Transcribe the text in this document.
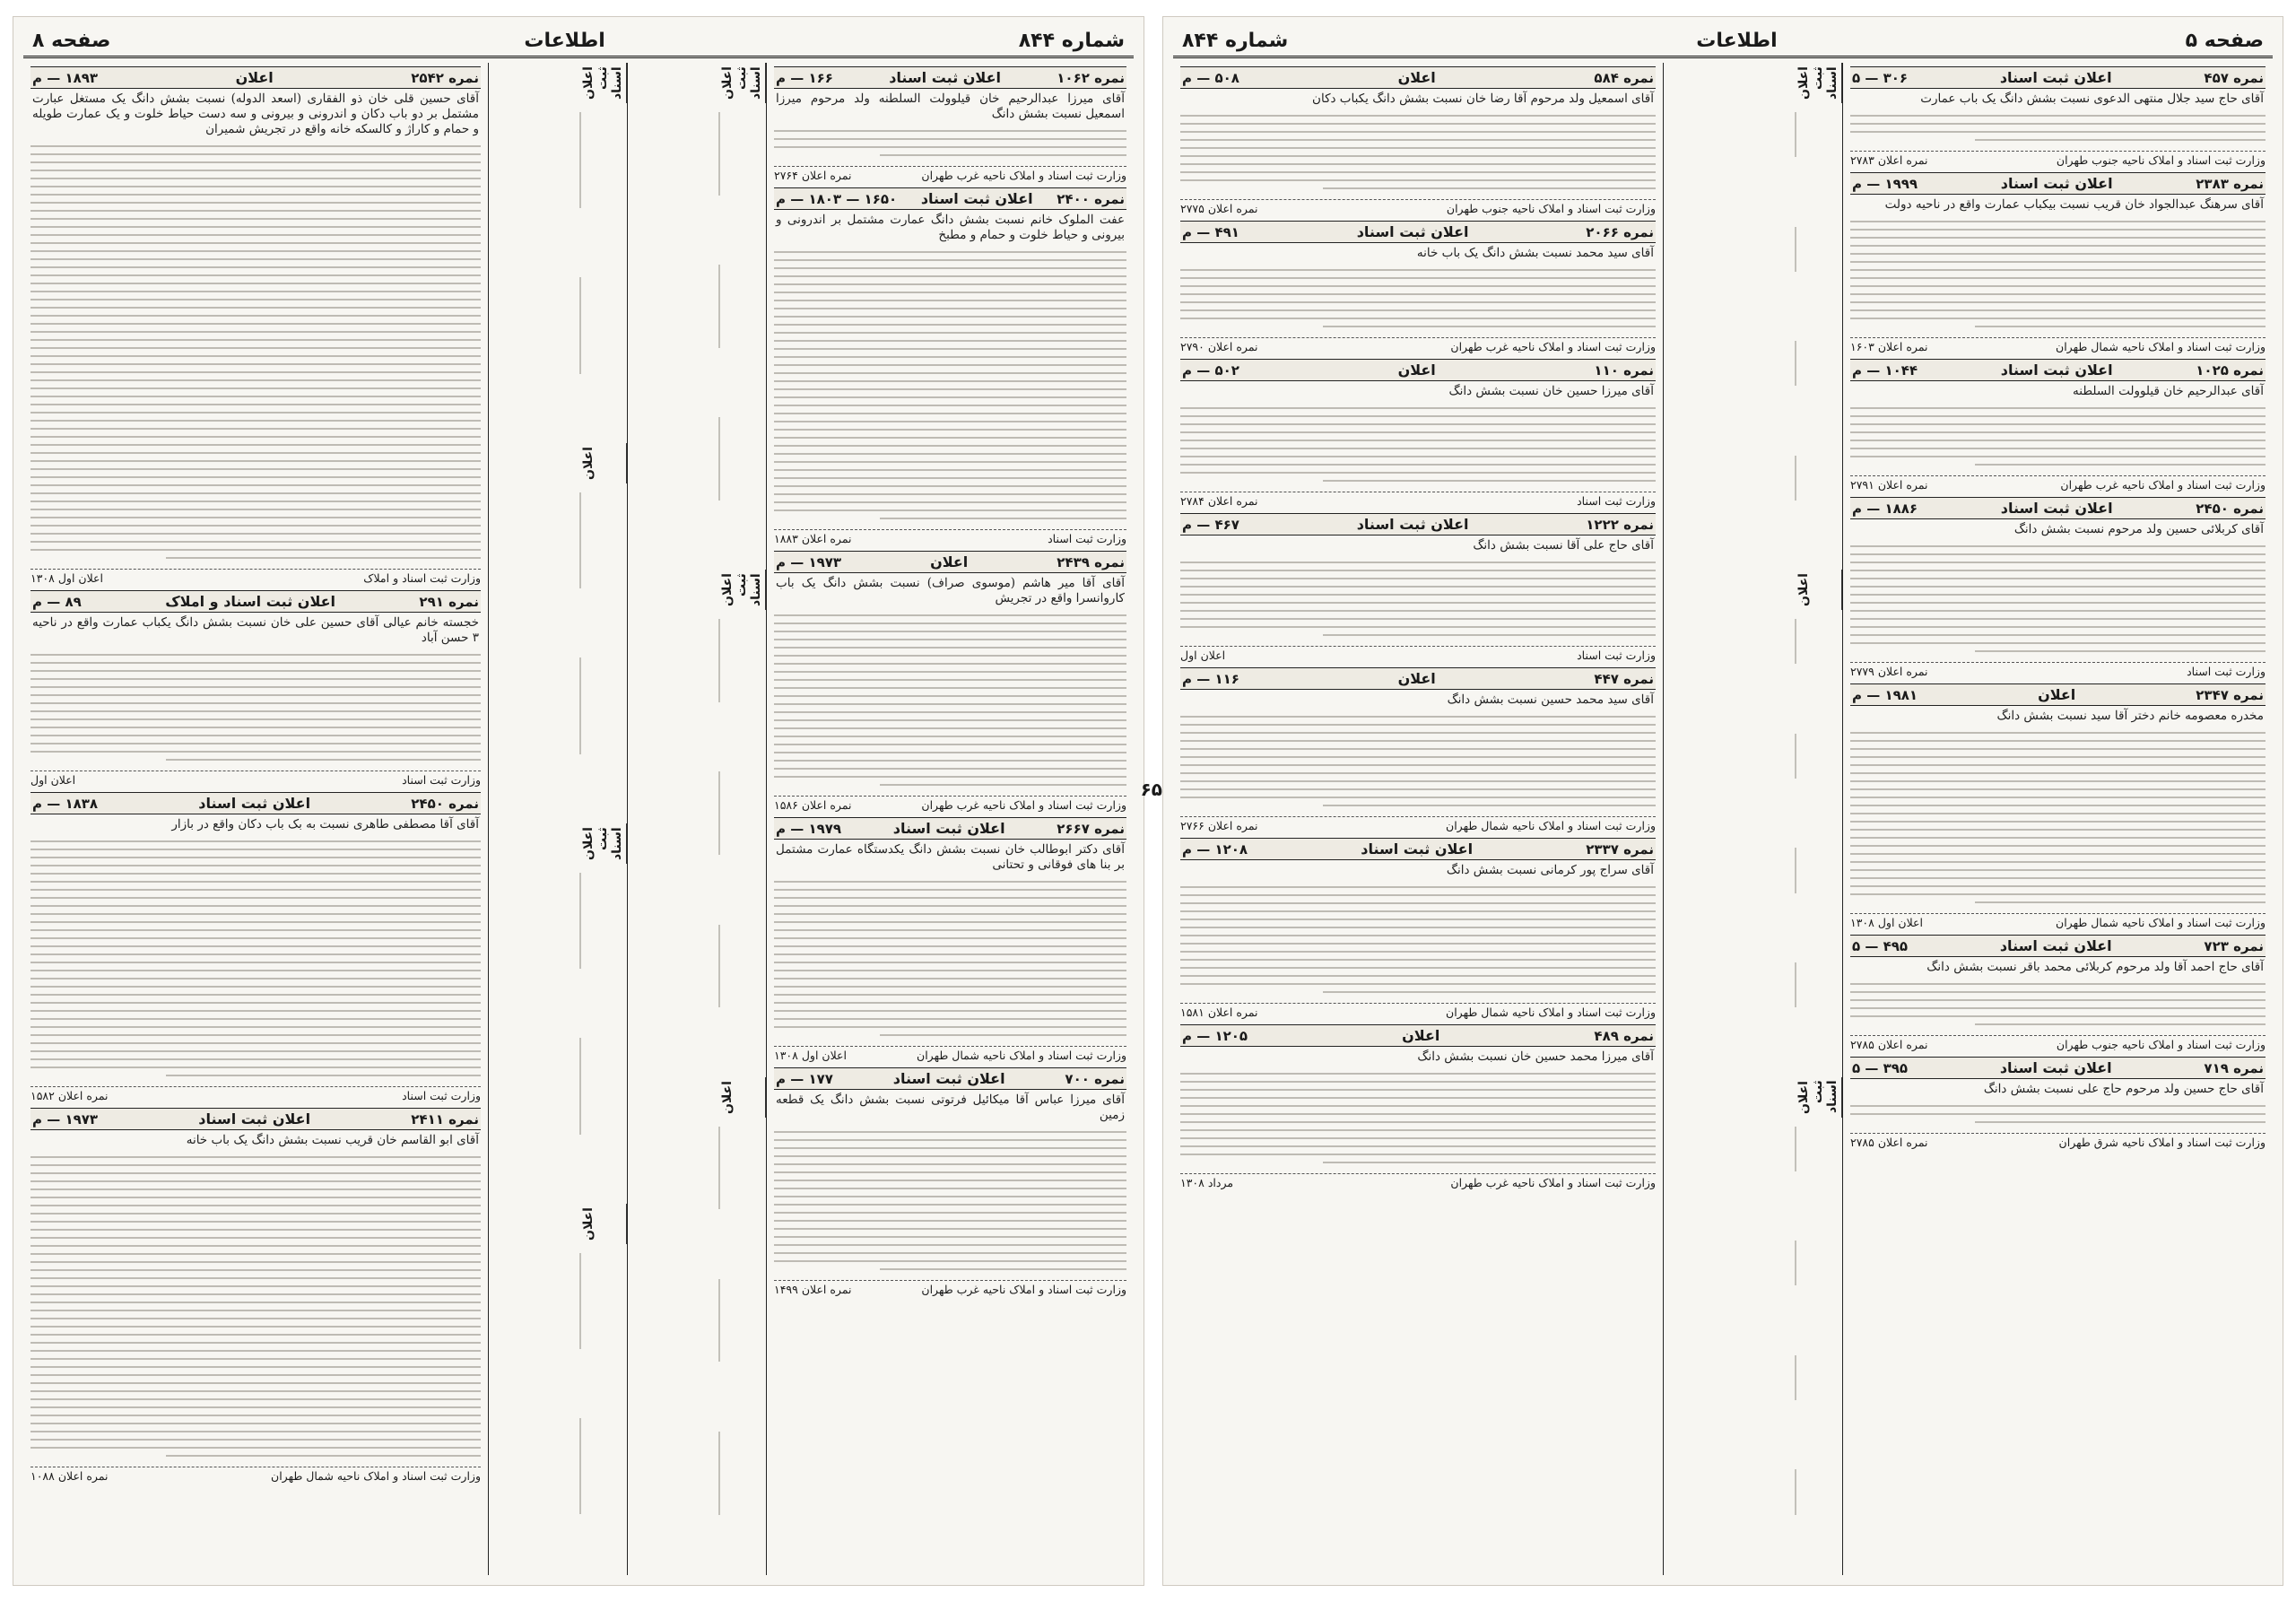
شماره ۸۴۴
اطلاعات
صفحه ۸
نمره ۱۰۶۲
اعلان ثبت اسناد
۱۶۶ — م
آقای میرزا عبدالرحیم خان قیلوولت السلطنه ولد مرحوم میرزا اسمعیل نسبت بشش دانگ
وزارت ثبت اسناد و املاک ناحیه غرب طهران
نمره اعلان ۲۷۶۴
نمره ۲۴۰۰
اعلان ثبت اسناد
۱۶۵۰ — ۱۸۰۳ — م
عفت الملوک خانم نسبت بشش دانگ عمارت مشتمل بر اندرونی و بیرونی و حیاط خلوت و حمام و مطبخ
وزارت ثبت اسناد
نمره اعلان ۱۸۸۳
نمره ۲۴۳۹
اعلان
۱۹۷۳ — م
آقای آقا میر هاشم (موسوی صراف) نسبت بشش دانگ یک باب کاروانسرا واقع در تجریش
وزارت ثبت اسناد و املاک ناحیه غرب طهران
نمره اعلان ۱۵۸۶
نمره ۲۶۶۷
اعلان ثبت اسناد
۱۹۷۹ — م
آقای دکتر ابوطالب خان نسبت بشش دانگ یکدستگاه عمارت مشتمل بر بنا های فوقانی و تحتانی
وزارت ثبت اسناد و املاک ناحیه شمال طهران
اعلان اول ۱۳۰۸
نمره ۷۰۰
اعلان ثبت اسناد
۱۷۷ — م
آقای میرزا عباس آقا میکائیل فرتوتی نسبت بشش دانگ یک قطعه زمین
وزارت ثبت اسناد و املاک ناحیه غرب طهران
نمره اعلان ۱۴۹۹
اعلان ثبت اسناد
اعلان ثبت اسناد
اعلان
اعلان ثبت اسناد
اعلان
اعلان ثبت اسناد
اعلان
نمره ۲۵۴۲
اعلان
۱۸۹۳ — م
آقای حسین قلی خان ذو الفقاری (اسعد الدوله) نسبت بشش دانگ یک مستغل عبارت مشتمل بر دو باب دکان و اندرونی و بیرونی و سه دست حیاط خلوت و یک عمارت طویله و حمام و کاراژ و کالسکه خانه واقع در تجریش شمیران
وزارت ثبت اسناد و املاک
اعلان اول ۱۳۰۸
نمره ۲۹۱
اعلان ثبت اسناد و املاک
۸۹ — م
خجسته خانم عیالی آقای حسین علی خان نسبت بشش دانگ یکباب عمارت واقع در ناحیه ۳ حسن آباد
وزارت ثبت اسناد
اعلان اول
نمره ۲۴۵۰
اعلان ثبت اسناد
۱۸۳۸ — م
آقای آقا مصطفی طاهری نسبت به بک باب دکان واقع در بازار
وزارت ثبت اسناد
نمره اعلان ۱۵۸۲
نمره ۲۴۱۱
اعلان ثبت اسناد
۱۹۷۳ — م
آقای ابو القاسم خان قریب نسبت بشش دانگ یک باب خانه
وزارت ثبت اسناد و املاک ناحیه شمال طهران
نمره اعلان ۱۰۸۸
۶۵
صفحه ۵
اطلاعات
شماره ۸۴۴
نمره ۴۵۷
اعلان ثبت اسناد
۳۰۶ — ۵
آقای حاج سید جلال منتهی الدعوی نسبت بشش دانگ یک باب عمارت
وزارت ثبت اسناد و املاک ناحیه جنوب طهران
نمره اعلان ۲۷۸۳
نمره ۲۳۸۳
اعلان ثبت اسناد
۱۹۹۹ — م
آقای سرهنگ عبدالجواد خان قریب نسبت بیکباب عمارت واقع در ناحیه دولت
وزارت ثبت اسناد و املاک ناحیه شمال طهران
نمره اعلان ۱۶۰۳
نمره ۱۰۲۵
اعلان ثبت اسناد
۱۰۴۴ — م
آقای عبدالرحیم خان قیلوولت السلطنه
وزارت ثبت اسناد و املاک ناحیه غرب طهران
نمره اعلان ۲۷۹۱
نمره ۲۴۵۰
اعلان ثبت اسناد
۱۸۸۶ — م
آقای کربلائی حسین ولد مرحوم نسبت بشش دانگ
وزارت ثبت اسناد
نمره اعلان ۲۷۷۹
نمره ۲۳۴۷
اعلان
۱۹۸۱ — م
مخدره معصومه خانم دختر آقا سید نسبت بشش دانگ
وزارت ثبت اسناد و املاک ناحیه شمال طهران
اعلان اول ۱۳۰۸
نمره ۷۲۳
اعلان ثبت اسناد
۴۹۵ — ۵
آقای حاج احمد آقا ولد مرحوم کربلائی محمد باقر نسبت بشش دانگ
وزارت ثبت اسناد و املاک ناحیه جنوب طهران
نمره اعلان ۲۷۸۵
نمره ۷۱۹
اعلان ثبت اسناد
۳۹۵ — ۵
آقای حاج حسین ولد مرحوم حاج علی نسبت بشش دانگ
وزارت ثبت اسناد و املاک ناحیه شرق طهران
نمره اعلان ۲۷۸۵
اعلان ثبت اسناد
اعلان
اعلان ثبت اسناد
نمره ۵۸۴
اعلان
۵۰۸ — م
آقای اسمعیل ولد مرحوم آقا رضا خان نسبت بشش دانگ یکباب دکان
وزارت ثبت اسناد و املاک ناحیه جنوب طهران
نمره اعلان ۲۷۷۵
نمره ۲۰۶۶
اعلان ثبت اسناد
۴۹۱ — م
آقای سید محمد نسبت بشش دانگ یک باب خانه
وزارت ثبت اسناد و املاک ناحیه غرب طهران
نمره اعلان ۲۷۹۰
نمره ۱۱۰
اعلان
۵۰۲ — م
آقای میرزا حسین خان نسبت بشش دانگ
وزارت ثبت اسناد
نمره اعلان ۲۷۸۴
نمره ۱۲۲۲
اعلان ثبت اسناد
۴۶۷ — م
آقای حاج علی آقا نسبت بشش دانگ
وزارت ثبت اسناد
اعلان اول
نمره ۴۴۷
اعلان
۱۱۶ — م
آقای سید محمد حسین نسبت بشش دانگ
وزارت ثبت اسناد و املاک ناحیه شمال طهران
نمره اعلان ۲۷۶۶
نمره ۲۳۳۷
اعلان ثبت اسناد
۱۲۰۸ — م
آقای سراج پور کرمانی نسبت بشش دانگ
وزارت ثبت اسناد و املاک ناحیه شمال طهران
نمره اعلان ۱۵۸۱
نمره ۴۸۹
اعلان
۱۲۰۵ — م
آقای میرزا محمد حسین خان نسبت بشش دانگ
وزارت ثبت اسناد و املاک ناحیه غرب طهران
مرداد ۱۳۰۸
